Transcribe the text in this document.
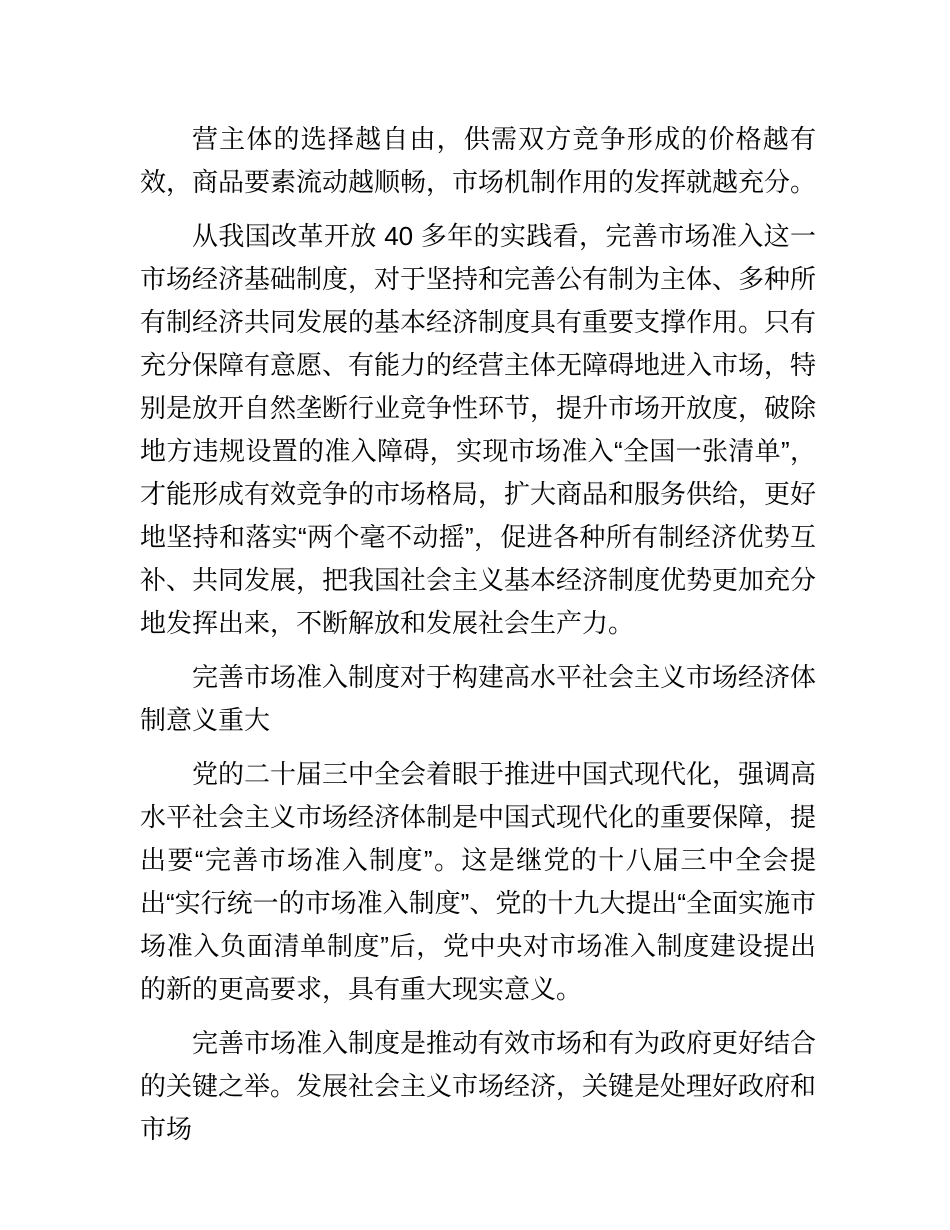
营主体的选择越自由，供需双方竞争形成的价格越有效，商品要素流动越顺畅，市场机制作用的发挥就越充分。

从我国改革开放 40 多年的实践看，完善市场准入这一市场经济基础制度，对于坚持和完善公有制为主体、多种所有制经济共同发展的基本经济制度具有重要支撑作用。只有充分保障有意愿、有能力的经营主体无障碍地进入市场，特别是放开自然垄断行业竞争性环节，提升市场开放度，破除地方违规设置的准入障碍，实现市场准入“全国一张清单”，才能形成有效竞争的市场格局，扩大商品和服务供给，更好地坚持和落实“两个毫不动摇”，促进各种所有制经济优势互补、共同发展，把我国社会主义基本经济制度优势更加充分地发挥出来，不断解放和发展社会生产力。

完善市场准入制度对于构建高水平社会主义市场经济体制意义重大

党的二十届三中全会着眼于推进中国式现代化，强调高水平社会主义市场经济体制是中国式现代化的重要保障，提出要“完善市场准入制度”。这是继党的十八届三中全会提出“实行统一的市场准入制度”、党的十九大提出“全面实施市场准入负面清单制度”后，党中央对市场准入制度建设提出的新的更高要求，具有重大现实意义。

完善市场准入制度是推动有效市场和有为政府更好结合的关键之举。发展社会主义市场经济，关键是处理好政府和市场
